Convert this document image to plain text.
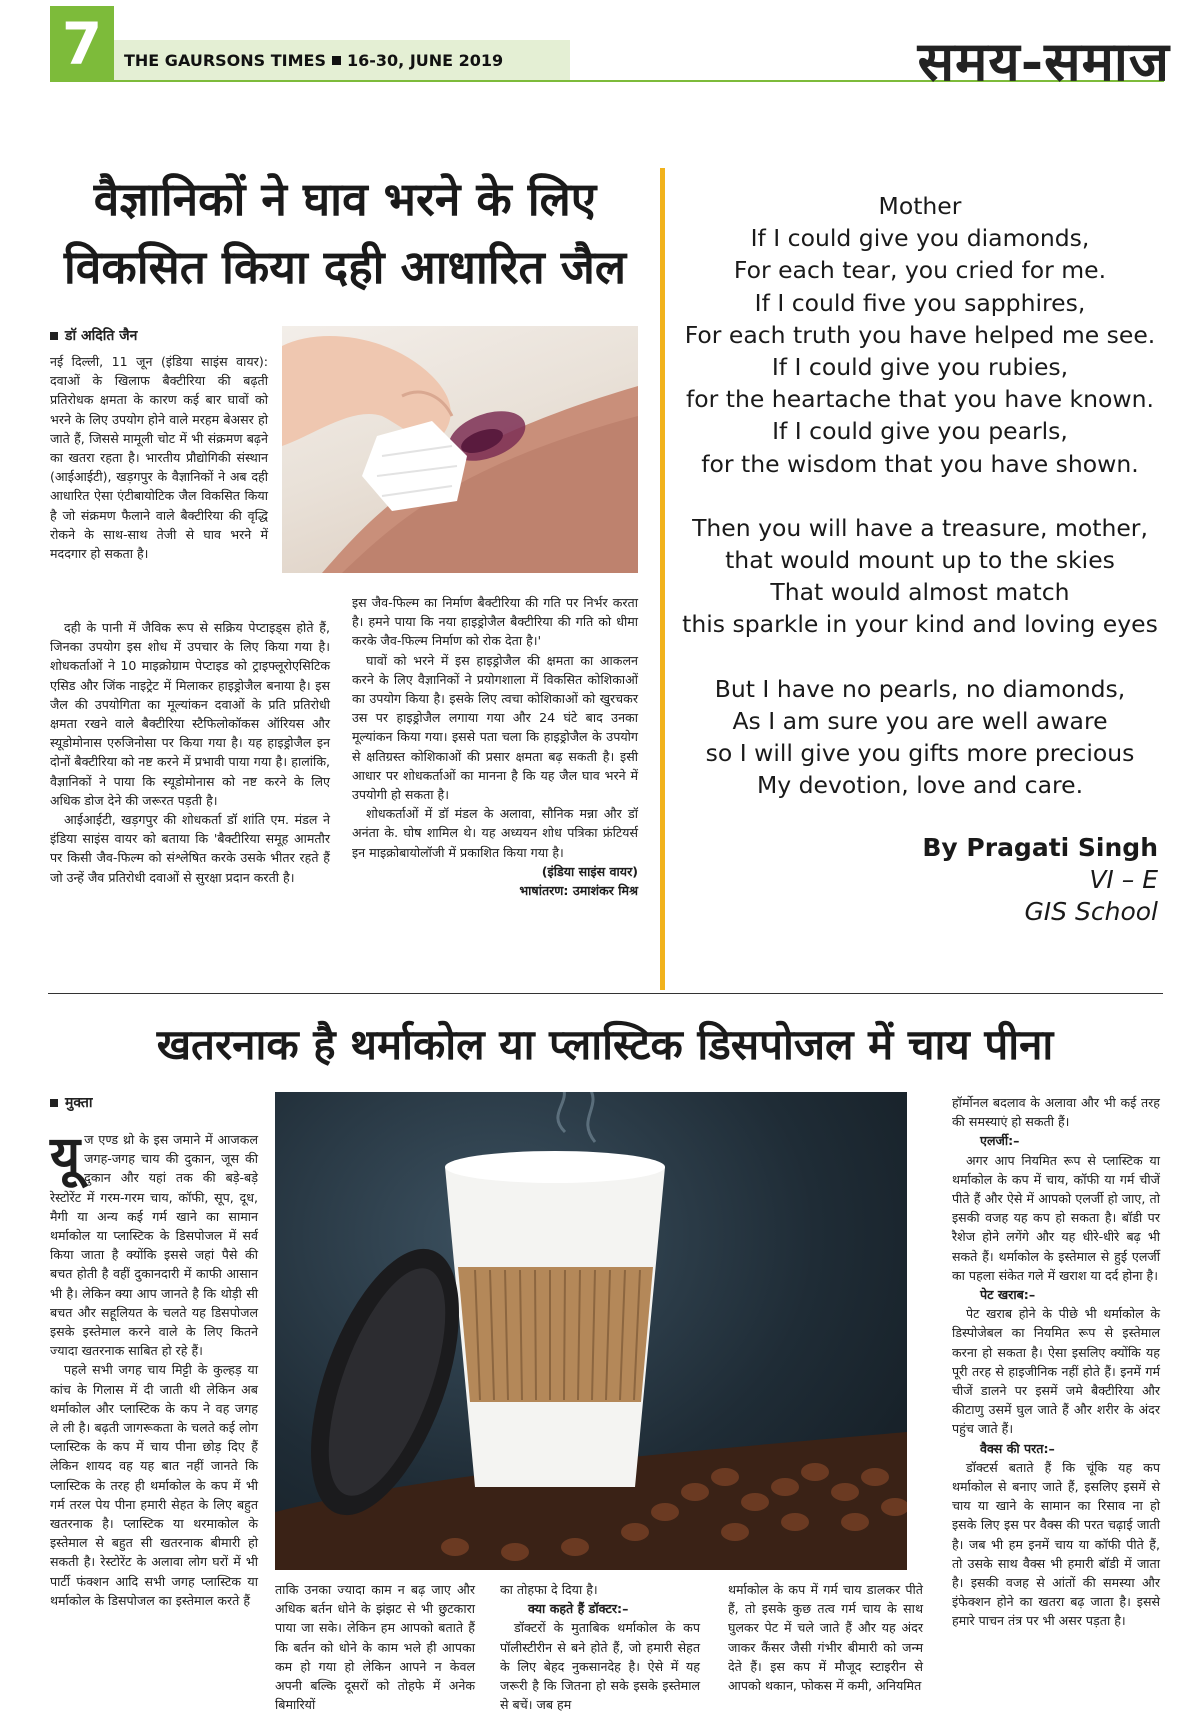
7	THE GAURSONS TIMES 16-30, JUNE 2019	समय-समाज
वैज्ञानिकों ने घाव भरने के लिए
विकसित किया दही आधारित जैल
डॉ अदिति जैन

नई दिल्ली, 11 जून (इंडिया साइंस वायर): दवाओं के खिलाफ बैक्टीरिया की बढ़ती प्रतिरोधक क्षमता के कारण कई बार घावों को भरने के लिए उपयोग होने वाले मरहम बेअसर हो जाते हैं, जिससे मामूली चोट में भी संक्रमण बढ़ने का खतरा रहता है। भारतीय प्रौद्योगिकी संस्थान (आईआईटी), खड़गपुर के वैज्ञानिकों ने अब दही आधारित ऐसा एंटीबायोटिक जैल विकसित किया है जो संक्रमण फैलाने वाले बैक्टीरिया की वृद्धि रोकने के साथ-साथ तेजी से घाव भरने में मददगार हो सकता है।

दही के पानी में जैविक रूप से सक्रिय पेप्टाइड्स होते हैं, जिनका उपयोग इस शोध में उपचार के लिए किया गया है। शोधकर्ताओं ने 10 माइक्रोग्राम पेप्टाइड को ट्राइफ्लूरोएसिटिक एसिड और जिंक नाइट्रेट में मिलाकर हाइड्रोजैल बनाया है। इस जैल की उपयोगिता का मूल्यांकन दवाओं के प्रति प्रतिरोधी क्षमता रखने वाले बैक्टीरिया स्टैफिलोकॉकस ऑरियस और स्यूडोमोनास एरुजिनोसा पर किया गया है। यह हाइड्रोजैल इन दोनों बैक्टीरिया को नष्ट करने में प्रभावी पाया गया है। हालांकि, वैज्ञानिकों ने पाया कि स्यूडोमोनास को नष्ट करने के लिए अधिक डोज देने की जरूरत पड़ती है।

आईआईटी, खड़गपुर की शोधकर्ता डॉ शांति एम. मंडल ने इंडिया साइंस वायर को बताया कि 'बैक्टीरिया समूह आमतौर पर किसी जैव-फिल्म को संश्लेषित करके उसके भीतर रहते हैं जो उन्हें जैव प्रतिरोधी दवाओं से सुरक्षा प्रदान करती है।

इस जैव-फिल्म का निर्माण बैक्टीरिया की गति पर निर्भर करता है। हमने पाया कि नया हाइड्रोजैल बैक्टीरिया की गति को धीमा करके जैव-फिल्म निर्माण को रोक देता है।'

घावों को भरने में इस हाइड्रोजैल की क्षमता का आकलन करने के लिए वैज्ञानिकों ने प्रयोगशाला में विकसित कोशिकाओं का उपयोग किया है। इसके लिए त्वचा कोशिकाओं को खुरचकर उस पर हाइड्रोजैल लगाया गया और 24 घंटे बाद उनका मूल्यांकन किया गया। इससे पता चला कि हाइड्रोजैल के उपयोग से क्षतिग्रस्त कोशिकाओं की प्रसार क्षमता बढ़ सकती है। इसी आधार पर शोधकर्ताओं का मानना है कि यह जैल घाव भरने में उपयोगी हो सकता है।

शोधकर्ताओं में डॉ मंडल के अलावा, सौनिक मन्ना और डॉ अनंता के. घोष शामिल थे। यह अध्ययन शोध पत्रिका फ्रंटियर्स इन माइक्रोबायोलॉजी में प्रकाशित किया गया है।

(इंडिया साइंस वायर)
भाषांतरण: उमाशंकर मिश्र
Mother
If I could give you diamonds,
For each tear, you cried for me.
If I could five you sapphires,
For each truth you have helped me see.
If I could give you rubies,
for the heartache that you have known.
If I could give you pearls,
for the wisdom that you have shown.
Then you will have a treasure, mother,
that would mount up to the skies
That would almost match
this sparkle in your kind and loving eyes
But I have no pearls, no diamonds,
As I am sure you are well aware
so I will give you gifts more precious
My devotion, love and care.
By Pragati Singh
VI – E
GIS School
खतरनाक है थर्माकोल या प्लास्टिक डिसपोजल में चाय पीना
मुक्ता
यू ज एण्ड थ्रो के इस जमाने में आजकल जगह-जगह चाय की दुकान, जूस की दुकान और यहां तक की बड़े-बड़े रेस्टोरेंट में गरम-गरम चाय, कॉफी, सूप, दूध, मैगी या अन्य कई गर्म खाने का सामान थर्माकोल या प्लास्टिक के डिसपोजल में सर्व किया जाता है क्योंकि इससे जहां पैसे की बचत होती है वहीं दुकानदारी में काफी आसान भी है। लेकिन क्या आप जानते है कि थोड़ी सी बचत और सहूलियत के चलते यह डिसपोजल इसके इस्तेमाल करने वाले के लिए कितने ज्यादा खतरनाक साबित हो रहे हैं।

पहले सभी जगह चाय मिट्टी के कुल्हड़ या कांच के गिलास में दी जाती थी लेकिन अब थर्माकोल और प्लास्टिक के कप ने वह जगह ले ली है। बढ़ती जागरूकता के चलते कई लोग प्लास्टिक के कप में चाय पीना छोड़ दिए हैं लेकिन शायद वह यह बात नहीं जानते कि प्लास्टिक के तरह ही थर्माकोल के कप में भी गर्म तरल पेय पीना हमारी सेहत के लिए बहुत खतरनाक है। प्लास्टिक या थरमाकोल के इस्तेमाल से बहुत सी खतरनाक बीमारी हो सकती है। रेस्टोरेंट के अलावा लोग घरों में भी पार्टी फंक्शन आदि सभी जगह प्लास्टिक या थर्माकोल के डिसपोजल का इस्तेमाल करते हैं

ताकि उनका ज्यादा काम न बढ़ जाए और अधिक बर्तन धोने के झंझट से भी छुटकारा पाया जा सके। लेकिन हम आपको बताते हैं कि बर्तन को धोने के काम भले ही आपका कम हो गया हो लेकिन आपने न केवल अपनी बल्कि दूसरों को तोहफे में अनेक बिमारियों

का तोहफा दे दिया है।

क्या कहते हैं डॉक्टर:–

डॉक्टरों के मुताबिक थर्माकोल के कप पॉलीस्टीरीन से बने होते हैं, जो हमारी सेहत के लिए बेहद नुकसानदेह है। ऐसे में यह जरूरी है कि जितना हो सके इसके इस्तेमाल से बचें। जब हम

थर्माकोल के कप में गर्म चाय डालकर पीते हैं, तो इसके कुछ तत्व गर्म चाय के साथ घुलकर पेट में चले जाते हैं और यह अंदर जाकर कैंसर जैसी गंभीर बीमारी को जन्म देते हैं। इस कप में मौजूद स्टाइरीन से आपको थकान, फोकस में कमी, अनियमित

हॉर्मोनल बदलाव के अलावा और भी कई तरह की समस्याएं हो सकती हैं।

एलर्जी:–

अगर आप नियमित रूप से प्लास्टिक या थर्माकोल के कप में चाय, कॉफी या गर्म चीजें पीते हैं और ऐसे में आपको एलर्जी हो जाए, तो इसकी वजह यह कप हो सकता है। बॉडी पर रैशेज होने लगेंगे और यह धीरे-धीरे बढ़ भी सकते हैं। थर्माकोल के इस्तेमाल से हुई एलर्जी का पहला संकेत गले में खराश या दर्द होना है।

पेट खराब:–

पेट खराब होने के पीछे भी थर्माकोल के डिस्पोजेबल का नियमित रूप से इस्तेमाल करना हो सकता है। ऐसा इसलिए क्योंकि यह पूरी तरह से हाइजीनिक नहीं होते हैं। इनमें गर्म चीजें डालने पर इसमें जमे बैक्टीरिया और कीटाणु उसमें घुल जाते हैं और शरीर के अंदर पहुंच जाते हैं।

वैक्स की परत:–

डॉक्टर्स बताते हैं कि चूंकि यह कप थर्माकोल से बनाए जाते हैं, इसलिए इसमें से चाय या खाने के सामान का रिसाव ना हो इसके लिए इस पर वैक्स की परत चढ़ाई जाती है। जब भी हम इनमें चाय या कॉफी पीते हैं, तो उसके साथ वैक्स भी हमारी बॉडी में जाता है। इसकी वजह से आंतों की समस्या और इंफेक्शन होने का खतरा बढ़ जाता है। इससे हमारे पाचन तंत्र पर भी असर पड़ता है।
